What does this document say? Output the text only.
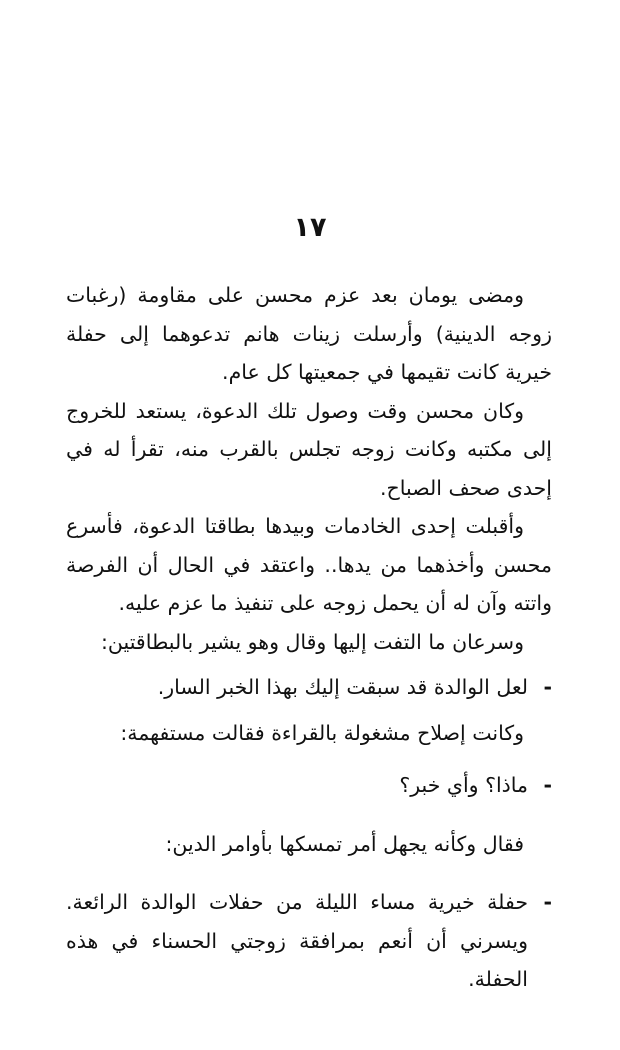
١٧

ومضى يومان بعد عزم محسن على مقاومة (رغبات زوجه الدينية) وأرسلت زينات هانم تدعوهما إلى حفلة خيرية كانت تقيمها في جمعيتها كل عام.

وكان محسن وقت وصول تلك الدعوة، يستعد للخروج إلى مكتبه وكانت زوجه تجلس بالقرب منه، تقرأ له في إحدى صحف الصباح.

وأقبلت إحدى الخادمات وبيدها بطاقتا الدعوة، فأسرع محسن وأخذهما من يدها.. واعتقد في الحال أن الفرصة واتته وآن له أن يحمل زوجه على تنفيذ ما عزم عليه.

وسرعان ما التفت إليها وقال وهو يشير بالبطاقتين:

-
لعل الوالدة قد سبقت إليك بهذا الخبر السار.

وكانت إصلاح مشغولة بالقراءة فقالت مستفهمة:

-
ماذا؟ وأي خبر؟

فقال وكأنه يجهل أمر تمسكها بأوامر الدين:

-
حفلة خيرية مساء الليلة من حفلات الوالدة الرائعة. ويسرني أن أنعم بمرافقة زوجتي الحسناء في هذه الحفلة.
